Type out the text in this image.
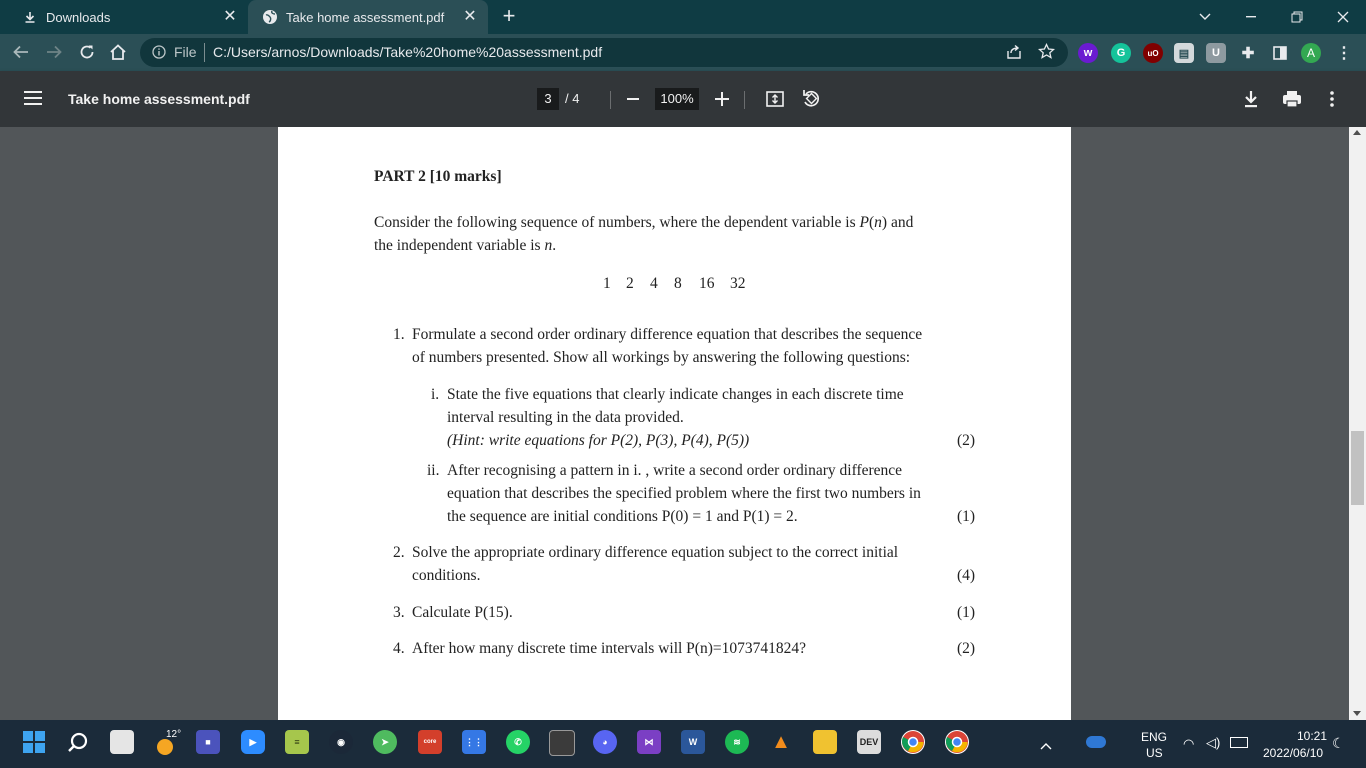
Downloads	✕	Take home assessment.pdf ✕ +
File C:/Users/arnos/Downloads/Take%20home%20assessment.pdf	w	G	uO	▤	U	✚	A	⋮
Take home assessment.pdf	3	/ 4	100%
PART 2 [10 marks]
Consider the following sequence of numbers, where the dependent variable is P(n) and
the independent variable is n.
1 2 4 8 16 32
1. Formulate a second order ordinary difference equation that describes the sequence
of numbers presented. Show all workings by answering the following questions:
i. State the five equations that clearly indicate changes in each discrete time
interval resulting in the data provided.
(Hint: write equations for P(2), P(3), P(4), P(5))	(2)
ii. After recognising a pattern in i. , write a second order ordinary difference
equation that describes the specified problem where the first two numbers in
the sequence are initial conditions P(0) = 1 and P(1) = 2.	(1)
2. Solve the appropriate ordinary difference equation subject to the correct initial
conditions.	(4)
3. Calculate P(15).	(1)
4. After how many discrete time intervals will P(n)=1073741824?	(2)
12°
■	▶	≡	◉	➤	core	⋮⋮	✆	◕	⋈	W	≋	▲	DEV	◠ ◁)
ENG
US
10:21
2022/06/10
☾
